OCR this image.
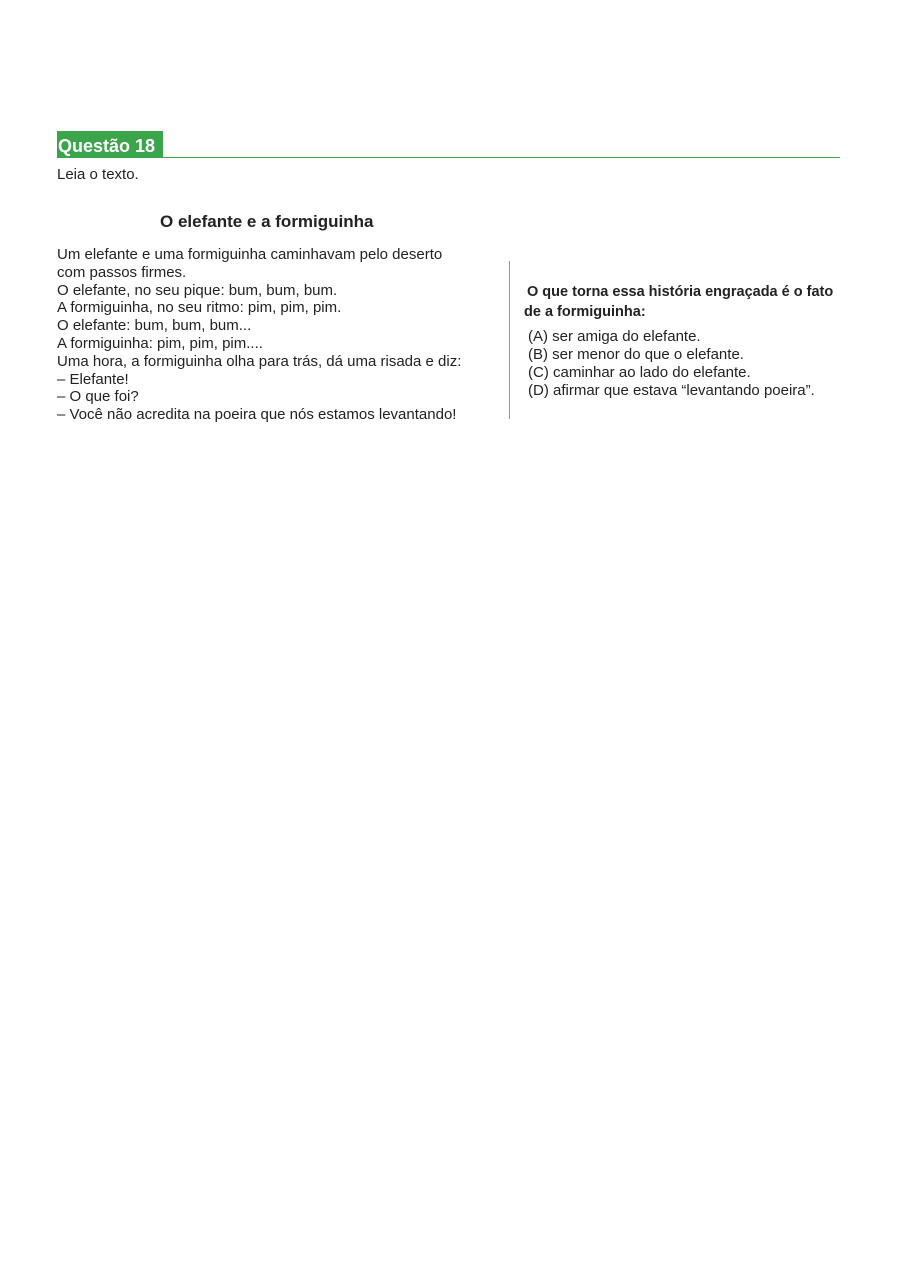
Questão 18
Leia o texto.
O elefante e a formiguinha
Um elefante e uma formiguinha caminhavam pelo deserto
com passos firmes.
O elefante, no seu pique: bum, bum, bum.
A formiguinha, no seu ritmo: pim, pim, pim.
O elefante: bum, bum, bum...
A formiguinha: pim, pim, pim....
Uma hora, a formiguinha olha para trás, dá uma risada e diz:
– Elefante!
– O que foi?
– Você não acredita na poeira que nós estamos levantando!
O que torna essa história engraçada é o fato
de a formiguinha:
(A) ser amiga do elefante.
(B) ser menor do que o elefante.
(C) caminhar ao lado do elefante.
(D) afirmar que estava “levantando poeira”.
